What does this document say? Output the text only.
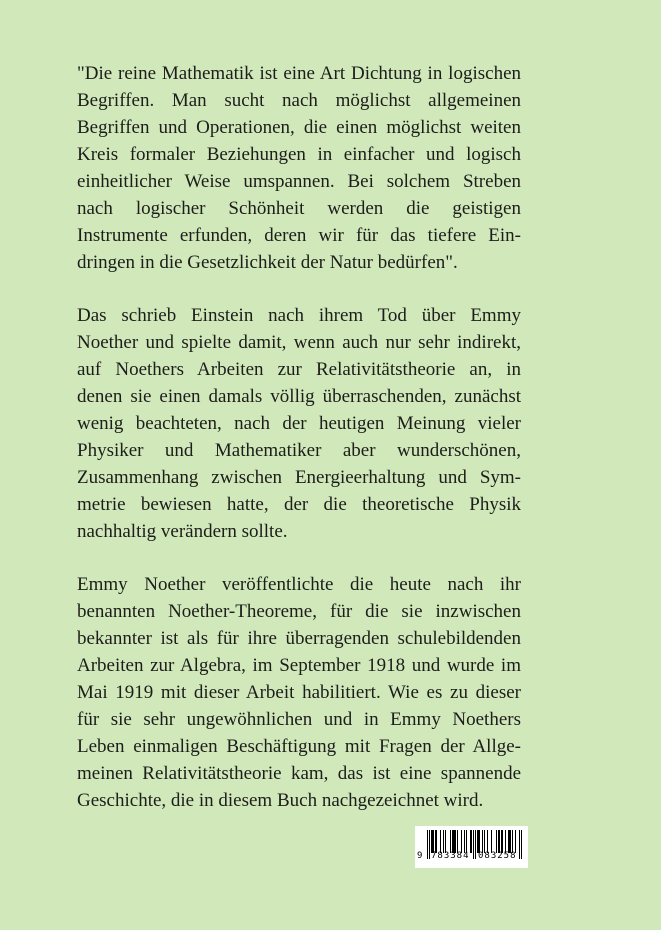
"Die reine Mathematik ist eine Art Dichtung in logischen
Begriffen. Man sucht nach möglichst allgemeinen
Begriffen und Operationen, die einen möglichst weiten
Kreis formaler Beziehungen in einfacher und logisch
einheitlicher Weise umspannen. Bei solchem Streben
nach logischer Schönheit werden die geistigen
Instrumente erfunden, deren wir für das tiefere Ein-
dringen in die Gesetzlichkeit der Natur bedürfen".

Das schrieb Einstein nach ihrem Tod über Emmy
Noether und spielte damit, wenn auch nur sehr indirekt,
auf Noethers Arbeiten zur Relativitätstheorie an, in
denen sie einen damals völlig überraschenden, zunächst
wenig beachteten, nach der heutigen Meinung vieler
Physiker und Mathematiker aber wunderschönen,
Zusammenhang zwischen Energieerhaltung und Sym-
metrie bewiesen hatte, der die theoretische Physik
nachhaltig verändern sollte.

Emmy Noether veröffentlichte die heute nach ihr
benannten Noether-Theoreme, für die sie inzwischen
bekannter ist als für ihre überragenden schulebildenden
Arbeiten zur Algebra, im September 1918 und wurde im
Mai 1919 mit dieser Arbeit habilitiert. Wie es zu dieser
für sie sehr ungewöhnlichen und in Emmy Noethers
Leben einmaligen Beschäftigung mit Fragen der Allge-
meinen Relativitätstheorie kam, das ist eine spannende
Geschichte, die in diesem Buch nachgezeichnet wird.

9 783384 083258
